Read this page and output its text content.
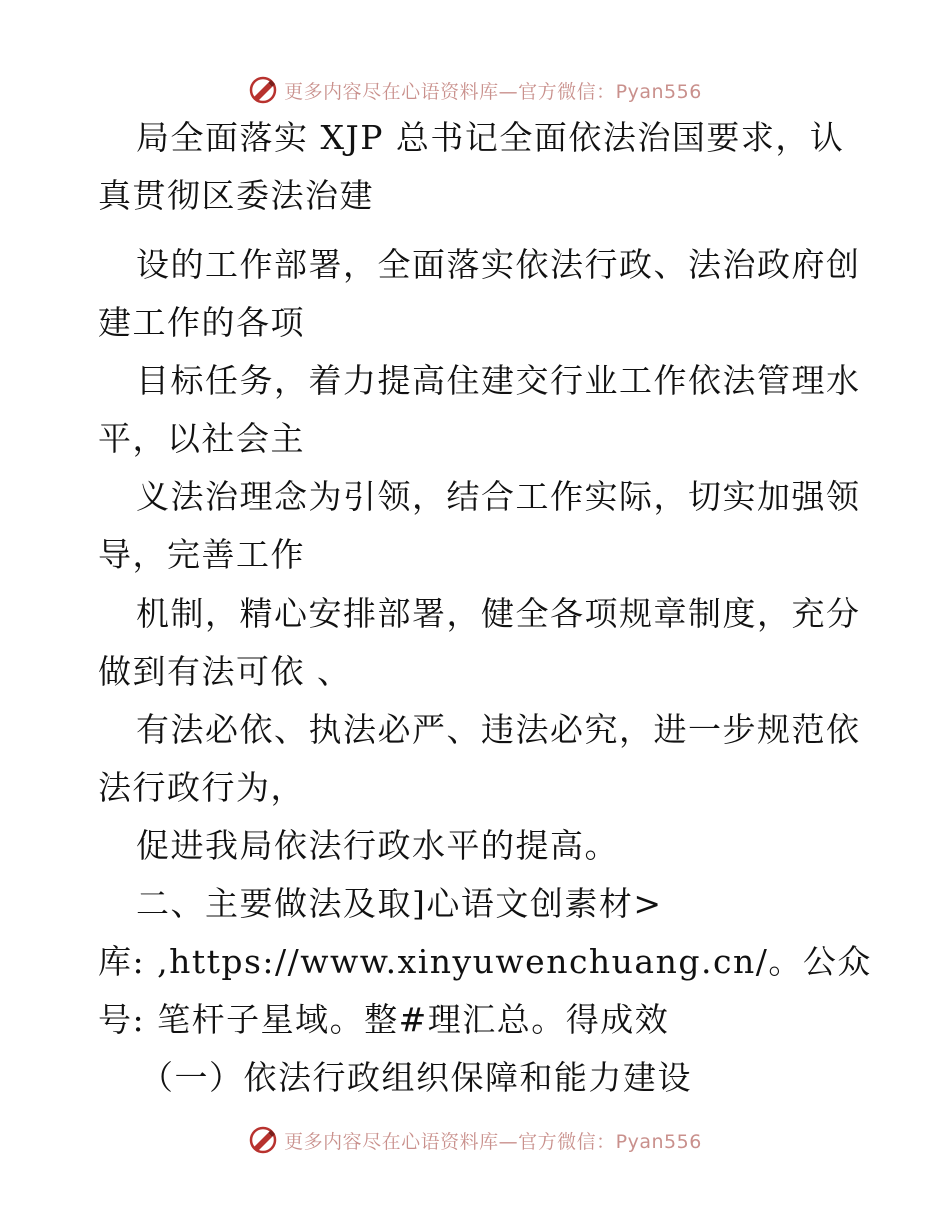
更多内容尽在心语资料库—官方微信：Pyan556
局全面落实 XJP 总书记全面依法治国要求，认
真贯彻区委法治建
设的工作部署，全面落实依法行政、法治政府创
建工作的各项
目标任务，着力提高住建交行业工作依法管理水
平，以社会主
义法治理念为引领，结合工作实际，切实加强领
导，完善工作
机制，精心安排部署，健全各项规章制度，充分
做到有法可依 、
有法必依、执法必严、违法必究，进一步规范依
法行政行为，
促进我局依法行政水平的提高。
二、主要做法及取]心语文创素材>
库: ,https://www.xinyuwenchuang.cn/。公众
号: 笔杆子星域。整#理汇总。得成效
（一）依法行政组织保障和能力建设
更多内容尽在心语资料库—官方微信：Pyan556
